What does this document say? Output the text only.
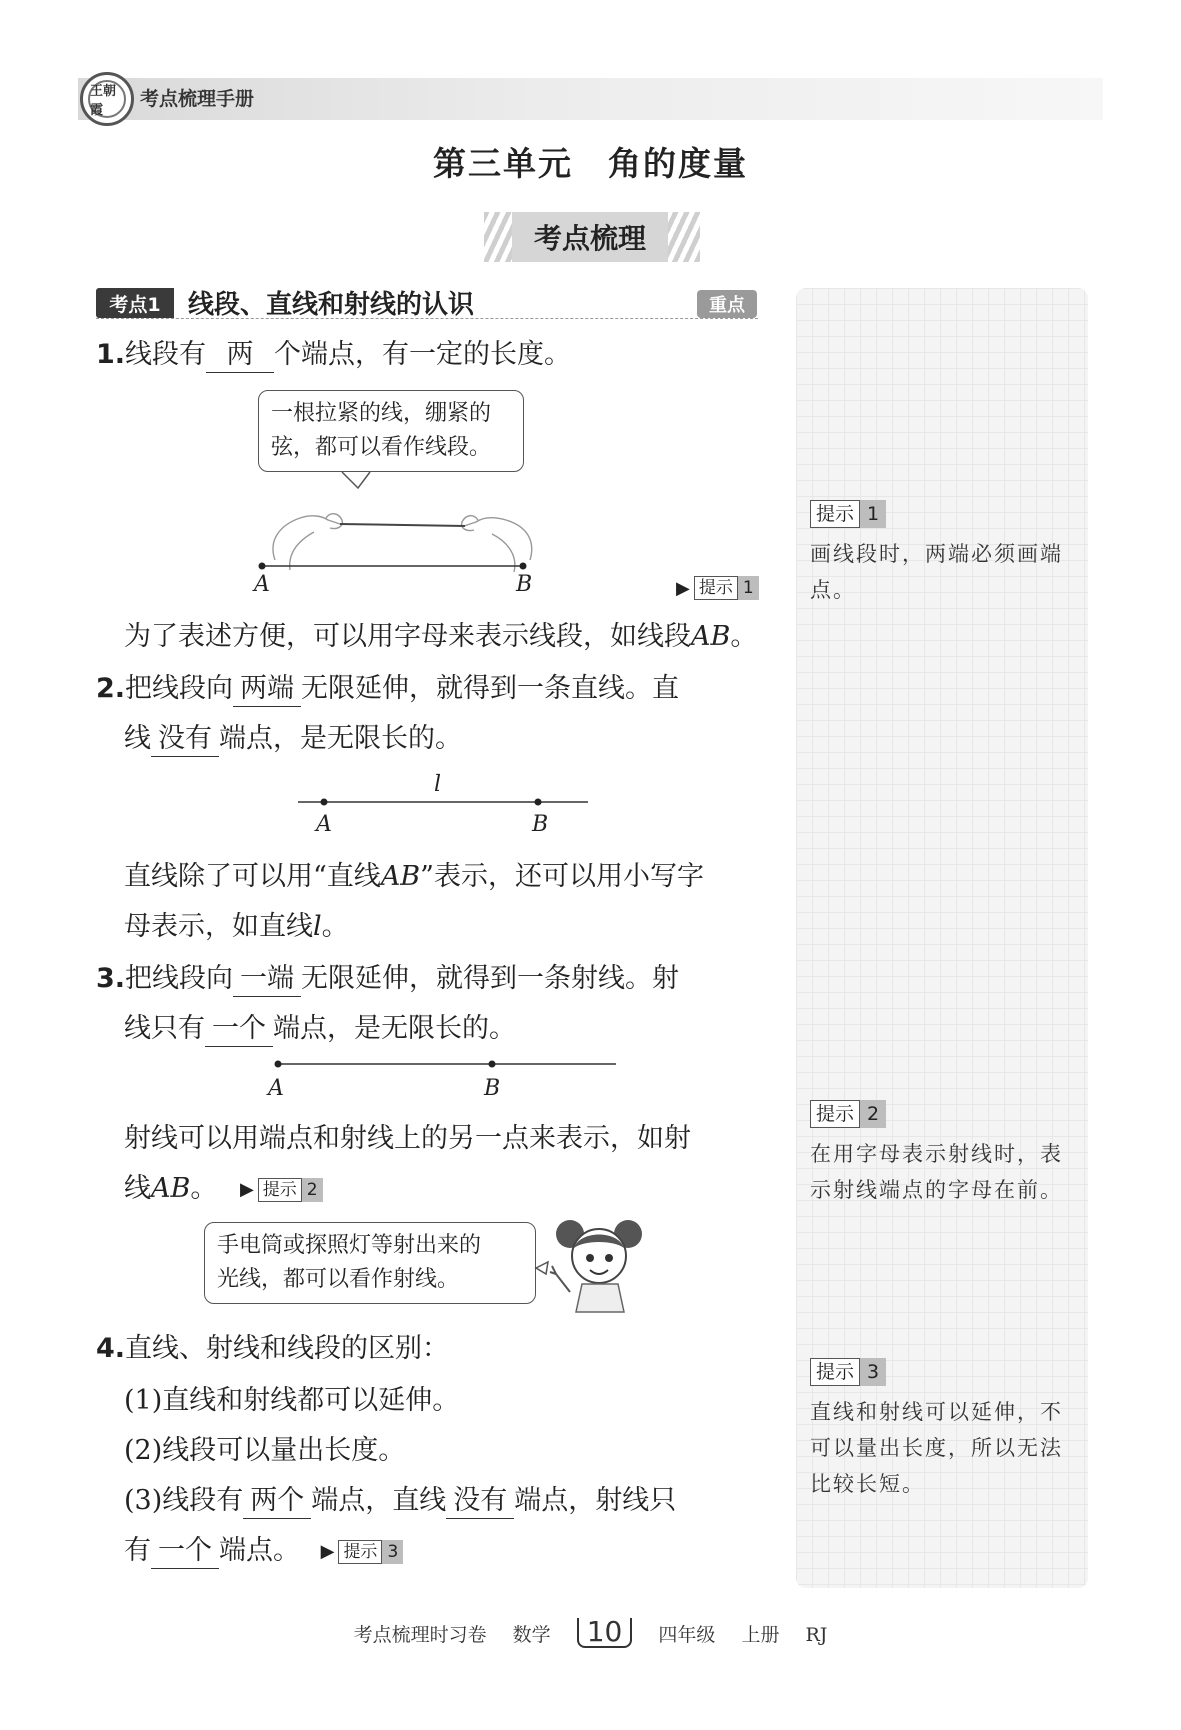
王朝霞
考点梳理手册
第三单元　角的度量
考点梳理
考点1	线段、直线和射线的认识	重点
1.线段有 两 个端点，有一定的长度。
一根拉紧的线，绷紧的
弦，都可以看作线段。
A	B	▶ 提示 1
为了表述方便，可以用字母来表示线段，如线段AB。
2.把线段向 两端 无限延伸，就得到一条直线。直
线 没有 端点，是无限长的。
l
A	B
直线除了可以用“直线AB”表示，还可以用小写字
母表示，如直线l。
3.把线段向 一端 无限延伸，就得到一条射线。射
线只有 一个 端点，是无限长的。
A	B
射线可以用端点和射线上的另一点来表示，如射
线AB。 ▶ 提示 2
手电筒或探照灯等射出来的
光线，都可以看作射线。
4.直线、射线和线段的区别：
(1)直线和射线都可以延伸。
(2)线段可以量出长度。
(3)线段有 两个 端点，直线 没有 端点，射线只
有 一个 端点。 ▶ 提示 3
提示 1
画线段时，两端必须画端点。
提示 2
在用字母表示射线时，表示射线端点的字母在前。
提示 3
直线和射线可以延伸，不可以量出长度，所以无法比较长短。
考点梳理时习卷 数学 10 四年级 上册 RJ
